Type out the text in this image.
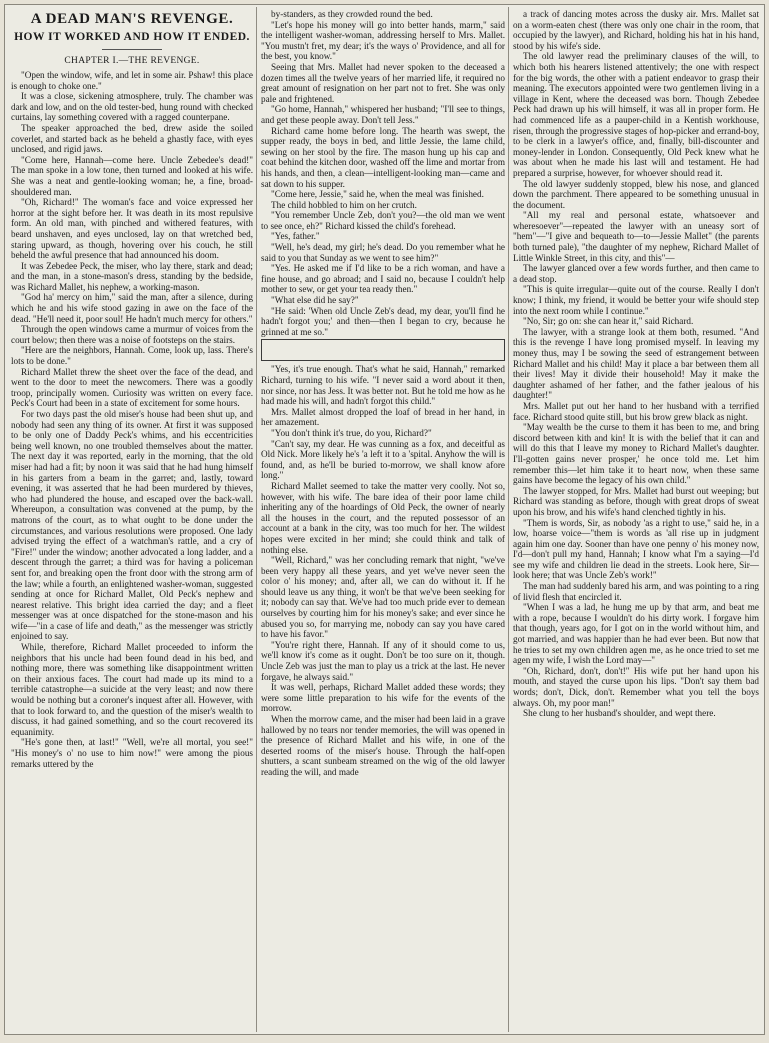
A DEAD MAN'S REVENGE.
HOW IT WORKED AND HOW IT ENDED.
CHAPTER I.—THE REVENGE.

"Open the window, wife, and let in some air. Pshaw! this place is enough to choke one."

It was a close, sickening atmosphere, truly. The chamber was dark and low, and on the old tester-bed, hung round with checked curtains, lay something covered with a ragged counterpane.

The speaker approached the bed, drew aside the soiled coverlet, and started back as he beheld a ghastly face, with eyes unclosed, and rigid jaws.

"Come here, Hannah—come here. Uncle Zebedee's dead!" The man spoke in a low tone, then turned and looked at his wife. She was a neat and gentle-looking woman; he, a fine, broad-shouldered man.

"Oh, Richard!" The woman's face and voice expressed her horror at the sight before her. It was death in its most repulsive form. An old man, with pinched and withered features, with beard unshaven, and eyes unclosed, lay on that wretched bed, staring upward, as though, hovering over his couch, he still beheld the awful presence that had announced his doom.

It was Zebedee Peck, the miser, who lay there, stark and dead; and the man, in a stone-mason's dress, standing by the bedside, was Richard Mallet, his nephew, a working-mason.

"God ha' mercy on him," said the man, after a silence, during which he and his wife stood gazing in awe on the face of the dead. "He'll need it, poor soul! He hadn't much mercy for others."

Through the open windows came a murmur of voices from the court below; then there was a noise of footsteps on the stairs.

"Here are the neighbors, Hannah. Come, look up, lass. There's lots to be done."

Richard Mallet threw the sheet over the face of the dead, and went to the door to meet the newcomers. There was a goodly troop, principally women. Curiosity was written on every face. Peck's Court had been in a state of excitement for some hours.

For two days past the old miser's house had been shut up, and nobody had seen any thing of its owner. At first it was supposed to be only one of Daddy Peck's whims, and his eccentricities being well known, no one troubled themselves about the matter. The next day it was reported, early in the morning, that the old miser had had a fit; by noon it was said that he had hung himself in his garters from a beam in the garret; and, lastly, toward evening, it was asserted that he had been murdered by thieves, who had plundered the house, and escaped over the back-wall. Whereupon, a consultation was convened at the pump, by the matrons of the court, as to what ought to be done under the circumstances, and various resolutions were proposed. One lady advised trying the effect of a watchman's rattle, and a cry of "Fire!" under the window; another advocated a long ladder, and a descent through the garret; a third was for having a policeman sent for, and breaking open the front door with the strong arm of the law; while a fourth, an enlightened washer-woman, suggested sending at once for Richard Mallet, Old Peck's nephew and nearest relative. This bright idea carried the day; and a fleet messenger was at once dispatched for the stone-mason and his wife—"in a case of life and death," as the messenger was strictly enjoined to say.

While, therefore, Richard Mallet proceeded to inform the neighbors that his uncle had been found dead in his bed, and nothing more, there was something like disappointment written on their anxious faces. The court had made up its mind to a terrible catastrophe—a suicide at the very least; and now there would be nothing but a coroner's inquest after all. However, with that to look forward to, and the question of the miser's wealth to discuss, it had gained something, and so the court recovered its equanimity.

"He's gone then, at last!" "Well, we're all mortal, you see!" "His money's o' no use to him now!" were among the pious remarks uttered by the

by-standers, as they crowded round the bed.

"Let's hope his money will go into better hands, marm," said the intelligent washer-woman, addressing herself to Mrs. Mallet. "You mustn't fret, my dear; it's the ways o' Providence, and all for the best, you know."

Seeing that Mrs. Mallet had never spoken to the deceased a dozen times all the twelve years of her married life, it required no great amount of resignation on her part not to fret. She was only pale and frightened.

"Go home, Hannah," whispered her husband; "I'll see to things, and get these people away. Don't tell Jess."

Richard came home before long. The hearth was swept, the supper ready, the boys in bed, and little Jessie, the lame child, sewing on her stool by the fire. The mason hung up his cap and coat behind the kitchen door, washed off the lime and mortar from his hands, and then, a clean—intelligent-looking man—came and sat down to his supper.

"Come here, Jessie," said he, when the meal was finished.

The child hobbled to him on her crutch.

"You remember Uncle Zeb, don't you?—the old man we went to see once, eh?" Richard kissed the child's forehead.

"Yes, father."

"Well, he's dead, my girl; he's dead. Do you remember what he said to you that Sunday as we went to see him?"

"Yes. He asked me if I'd like to be a rich woman, and have a fine house, and go abroad; and I said no, because I couldn't help mother to sew, or get your tea ready then."

"What else did he say?"

"He said: 'When old Uncle Zeb's dead, my dear, you'll find he hadn't forgot you;' and then—then I began to cry, because he grinned at me so."

"Yes, it's true enough. That's what he said, Hannah," remarked Richard, turning to his wife. "I never said a word about it then, nor since, nor has Jess. It was better not. But he told me how as he had made his will, and hadn't forgot this child."

Mrs. Mallet almost dropped the loaf of bread in her hand, in her amazement.

"You don't think it's true, do you, Richard?"

"Can't say, my dear. He was cunning as a fox, and deceitful as Old Nick. More likely he's 'a left it to a 'spital. Anyhow the will is found, and, as he'll be buried to-morrow, we shall know afore long."

Richard Mallet seemed to take the matter very coolly. Not so, however, with his wife. The bare idea of their poor lame child inheriting any of the hoardings of Old Peck, the owner of nearly all the houses in the court, and the reputed possessor of an account at a bank in the city, was too much for her. The wildest hopes were excited in her mind; she could think and talk of nothing else.

"Well, Richard," was her concluding remark that night, "we've been very happy all these years, and yet we've never seen the color o' his money; and, after all, we can do without it. If he should leave us any thing, it won't be that we've been seeking for it; nobody can say that. We've had too much pride ever to demean ourselves by courting him for his money's sake; and ever since he abused you so, for marrying me, nobody can say you have cared to have his favor."

"You're right there, Hannah. If any of it should come to us, we'll know it's come as it ought. Don't be too sure on it, though. Uncle Zeb was just the man to play us a trick at the last. He never forgave, he always said."

It was well, perhaps, Richard Mallet added these words; they were some little preparation to his wife for the events of the morrow.

When the morrow came, and the miser had been laid in a grave hallowed by no tears nor tender memories, the will was opened in the presence of Richard Mallet and his wife, in one of the deserted rooms of the miser's house. Through the half-open shutters, a scant sunbeam streamed on the wig of the old lawyer reading the will, and made

a track of dancing motes across the dusky air. Mrs. Mallet sat on a worm-eaten chest (there was only one chair in the room, that occupied by the lawyer), and Richard, holding his hat in his hand, stood by his wife's side.

The old lawyer read the preliminary clauses of the will, to which both his hearers listened attentively; the one with respect for the big words, the other with a patient endeavor to grasp their meaning. The executors appointed were two gentlemen living in a village in Kent, where the deceased was born. Though Zebedee Peck had drawn up his will himself, it was all in proper form. He had commenced life as a pauper-child in a Kentish workhouse, risen, through the progressive stages of hop-picker and errand-boy, to be clerk in a lawyer's office, and, finally, bill-discounter and money-lender in London. Consequently, Old Peck knew what he was about when he made his last will and testament. He had prepared a surprise, however, for whoever should read it.

The old lawyer suddenly stopped, blew his nose, and glanced down the parchment. There appeared to be something unusual in the document.

"All my real and personal estate, whatsoever and wheresoever"—repeated the lawyer with an uneasy sort of "hem"—"I give and bequeath to—to—Jessie Mallet" (the parents both turned pale), "the daughter of my nephew, Richard Mallet of Little Winkle Street, in this city, and this"—

The lawyer glanced over a few words further, and then came to a dead stop.

"This is quite irregular—quite out of the course. Really I don't know; I think, my friend, it would be better your wife should step into the next room while I continue."

"No, Sir; go on: she can hear it," said Richard.

The lawyer, with a strange look at them both, resumed. "And this is the revenge I have long promised myself. In leaving my money thus, may I be sowing the seed of estrangement between Richard Mallet and his child! May it place a bar between them all their lives! May it divide their household! May it make the daughter ashamed of her father, and the father jealous of his daughter!"

Mrs. Mallet put out her hand to her husband with a terrified face. Richard stood quite still, but his brow grew black as night.

"May wealth be the curse to them it has been to me, and bring discord between kith and kin! It is with the belief that it can and will do this that I leave my money to Richard Mallet's daughter. I'll-gotten gains never prosper,' he once told me. Let him remember this—let him take it to heart now, when these same gains have become the legacy of his own child."

The lawyer stopped, for Mrs. Mallet had burst out weeping; but Richard was standing as before, though with great drops of sweat upon his brow, and his wife's hand clenched tightly in his.

"Them is words, Sir, as nobody 'as a right to use," said he, in a low, hoarse voice—"them is words as 'all rise up in judgment again him one day. Sooner than have one penny o' his money now, I'd—don't pull my hand, Hannah; I know what I'm a saying—I'd see my wife and children lie dead in the streets. Look here, Sir—look here; that was Uncle Zeb's work!"

The man had suddenly bared his arm, and was pointing to a ring of livid flesh that encircled it.

"When I was a lad, he hung me up by that arm, and beat me with a rope, because I wouldn't do his dirty work. I forgave him that though, years ago, for I got on in the world without him, and got married, and was happier than he had ever been. But now that he tries to set my own children agen me, as he once tried to set me agen my wife, I wish the Lord may—"

"Oh, Richard, don't, don't!" His wife put her hand upon his mouth, and stayed the curse upon his lips. "Don't say them bad words; don't, Dick, don't. Remember what you tell the boys always. Oh, my poor man!"

She clung to her husband's shoulder, and wept there.
